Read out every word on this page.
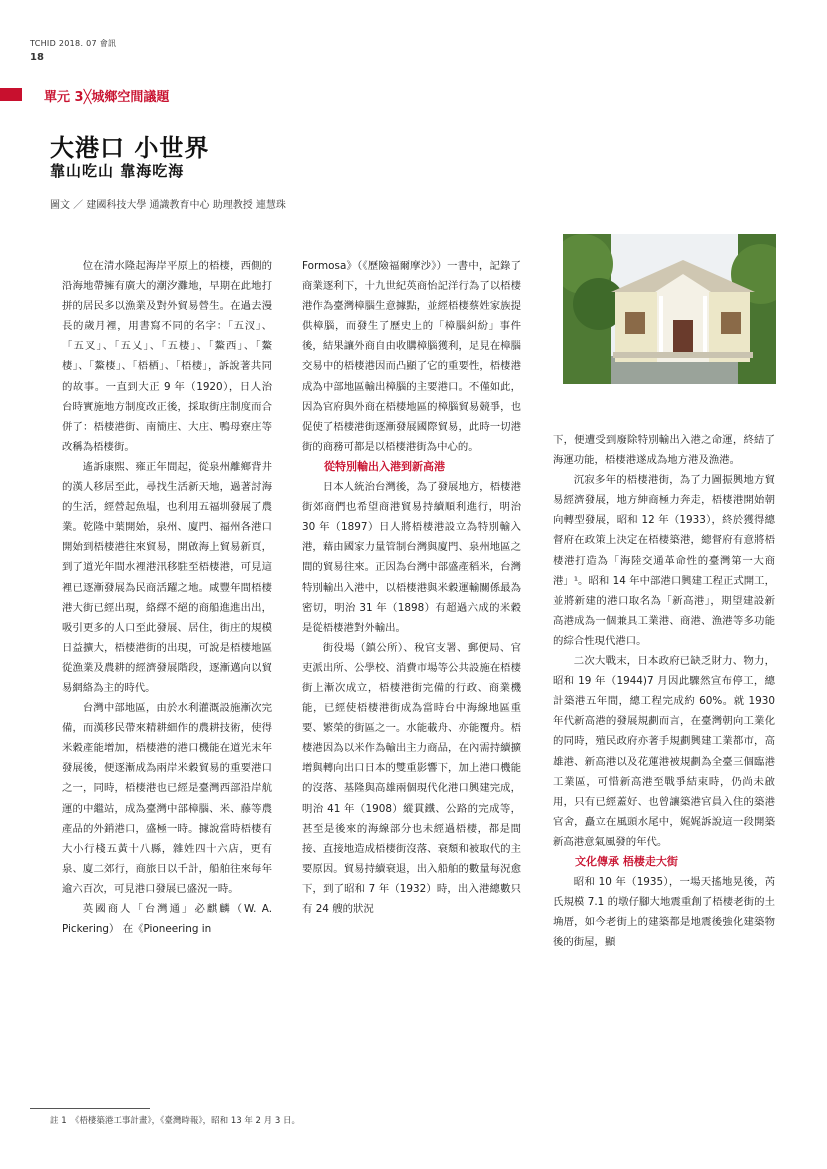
TCHID 2018. 07 會訊
18
單元 3╳城鄉空間議題
大港口 小世界
靠山吃山 靠海吃海
圖文 ／ 建國科技大學 通識教育中心 助理教授 連慧珠

位在清水隆起海岸平原上的梧棲，西側的沿海地帶擁有廣大的潮汐灘地，早期在此地打拼的居民多以漁業及對外貿易營生。在過去漫長的歲月裡，用書寫不同的名字：「五汊」、「五叉」、「五乂」、「五棲」、「鰲西」、「鰲棲」、「鰲棲」、「梧栖」、「梧棲」，訴說著共同的故事。一直到大正 9 年（1920），日人治台時實施地方制度改正後，採取街庄制度而合併了：梧棲港街、南簡庄、大庄、鴨母寮庄等改稱為梧棲街。

遙訴康熙、雍正年間起，從泉州離鄉背井的漢人移居至此，尋找生活新天地，過著討海的生活，經營起魚塭，也利用五福圳發展了農業。乾隆中葉開始，泉州、廈門、福州各港口開始到梧棲港往來貿易，開啟海上貿易新頁，到了道光年間水裡港汛移駐至梧棲港，可見這裡已逐漸發展為民商活躍之地。咸豐年間梧棲港大街已經出現，絡繹不絕的商船進進出出，吸引更多的人口至此發展、居住，街庄的規模日益擴大，梧棲港街的出現，可說是梧棲地區從漁業及農耕的經濟發展階段，逐漸邁向以貿易網絡為主的時代。

台灣中部地區，由於水利灌溉設施漸次完備，而漢移民帶來精耕細作的農耕技術，使得米穀產能增加，梧棲港的港口機能在道光末年發展後，便逐漸成為兩岸米穀貿易的重要港口之一，同時，梧棲港也已經是臺灣西部沿岸航運的中繼站，成為臺灣中部樟腦、米、藤等農產品的外銷港口，盛極一時。據說當時梧棲有大小行棧五黃十八縣，雜姓四十六店，更有泉、廈二郊行，商旅日以千計，船舶往來每年逾六百次，可見港口發展已盛況一時。

英國商人「台灣通」必麒麟（W. A. Pickering） 在《Pioneering in

Formosa》（《歷險福爾摩沙》）一書中，記錄了商業逐利下，十九世紀英商怡記洋行為了以梧棲港作為臺灣樟腦生意據點，並經梧棲蔡姓家族提供樟腦，而發生了歷史上的「樟腦糾紛」事件後，結果讓外商自由收購樟腦獲利，足見在樟腦交易中的梧棲港因而凸顯了它的重要性，梧棲港成為中部地區輸出樟腦的主要港口。不僅如此，因為官府與外商在梧棲地區的樟腦貿易競爭，也促使了梧棲港街逐漸發展國際貿易，此時一切港街的商務可都是以梧棲港街為中心的。

從特別輸出入港到新高港

日本人統治台灣後，為了發展地方，梧棲港街郊商們也希望商港貿易持續順利進行，明治 30 年（1897）日人將梧棲港設立為特別輸入港，藉由國家力量管制台灣與廈門、泉州地區之間的貿易往來。正因為台灣中部盛產稻米，台灣特別輸出入港中，以梧棲港與米穀運輸關係最為密切，明治 31 年（1898）有超過六成的米穀是從梧棲港對外輸出。

街役場（鎮公所）、稅官支署、郵便局、官吏派出所、公學校、消費市場等公共設施在梧棲街上漸次成立，梧棲港街完備的行政、商業機能，已經使梧棲港街成為當時台中海線地區重要、繁榮的街區之一。水能載舟、亦能覆舟。梧棲港因為以米作為輸出主力商品，在內需持續擴增與轉向出口日本的雙重影響下，加上港口機能的沒落、基隆與高雄兩個現代化港口興建完成，明治 41 年（1908）縱貫鐵、公路的完成等，甚至是後來的海線部分也未經過梧棲，都是間接、直接地造成梧棲街沒落、衰頹和被取代的主要原因。貿易持續衰退，出入船舶的數量每況愈下，到了昭和 7 年（1932）時，出入港總數只有 24 艘的狀況

下，便遭受到廢除特別輸出入港之命運，終結了海運功能，梧棲港遂成為地方港及漁港。

沉寂多年的梧棲港街，為了力圖振興地方貿易經濟發展，地方紳商極力奔走，梧棲港開始朝向轉型發展，昭和 12 年（1933），終於獲得總督府在政策上決定在梧棲築港，總督府有意將梧棲港打造為「海陸交通革命性的臺灣第一大商港」¹。昭和 14 年中部港口興建工程正式開工，並將新建的港口取名為「新高港」，期望建設新高港成為一個兼具工業港、商港、漁港等多功能的綜合性現代港口。

二次大戰末，日本政府已缺乏財力、物力，昭和 19 年（1944)7 月因此驟然宣布停工，總計築港五年間，總工程完成約 60%。就 1930 年代新高港的發展規劃而言，在臺灣朝向工業化的同時，殖民政府亦著手規劃興建工業都市，高雄港、新高港以及花蓮港被規劃為全臺三個臨港工業區，可惜新高港至戰爭結束時，仍尚未啟用，只有已經蓋好、也曾讓築港官員入住的築港官舍，矗立在風頭水尾中，娓娓訴說這一段開築新高港意氣風發的年代。

文化傳承 梧棲走大街

昭和 10 年（1935），一場天搖地晃後，芮氏規模 7.1 的墩仔腳大地震重創了梧棲老街的土埆厝，如今老街上的建築都是地震後強化建築物後的街屋，顯

註 1　《梧棲築港工事計畫》，《臺灣時報》，昭和 13 年 2 月 3 日。
